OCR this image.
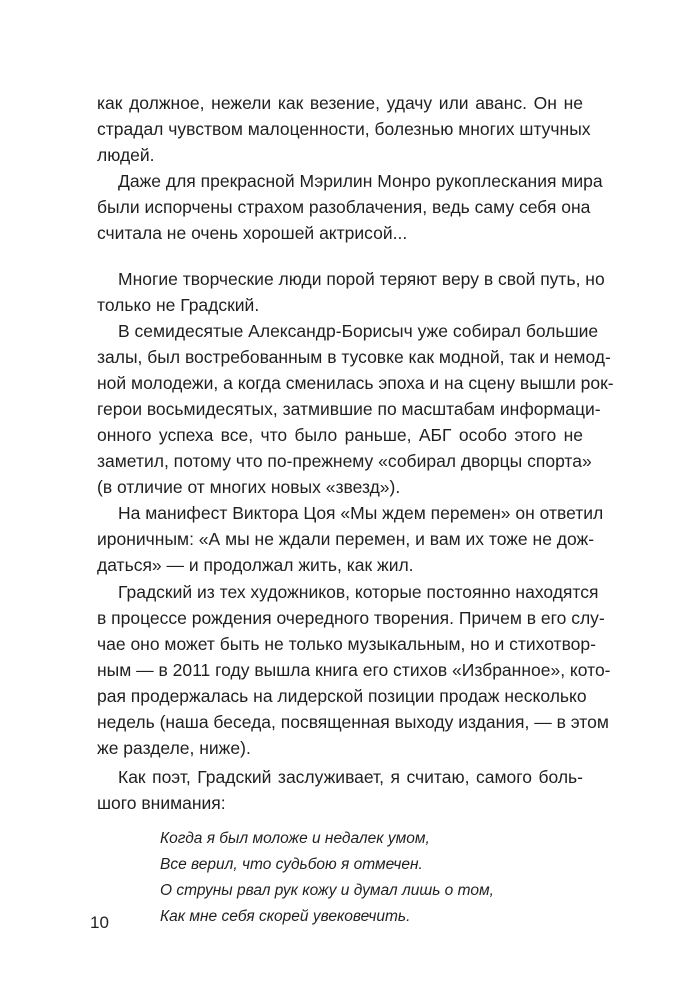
как должное, нежели как везение, удачу или аванс. Он не
страдал чувством малоценности, болезнью многих штучных
людей.
Даже для прекрасной Мэрилин Монро рукоплескания мира
были испорчены страхом разоблачения, ведь саму себя она
считала не очень хорошей актрисой...
Многие творческие люди порой теряют веру в свой путь, но
только не Градский.
В семидесятые Александр-Борисыч уже собирал большие
залы, был востребованным в тусовке как модной, так и немод-
ной молодежи, а когда сменилась эпоха и на сцену вышли рок-
герои восьмидесятых, затмившие по масштабам информаци-
онного успеха все, что было раньше, АБГ особо этого не
заметил, потому что по-прежнему «собирал дворцы спорта»
(в отличие от многих новых «звезд»).
На манифест Виктора Цоя «Мы ждем перемен» он ответил
ироничным: «А мы не ждали перемен, и вам их тоже не дож-
даться» — и продолжал жить, как жил.
Градский из тех художников, которые постоянно находятся
в процессе рождения очередного творения. Причем в его слу-
чае оно может быть не только музыкальным, но и стихотвор-
ным — в 2011 году вышла книга его стихов «Избранное», кото-
рая продержалась на лидерской позиции продаж несколько
недель (наша беседа, посвященная выходу издания, — в этом
же разделе, ниже).
Когда я был моложе и недалек умом,
Все верил, что судьбою я отмечен.
О струны рвал рук кожу и думал лишь о том,
Как мне себя скорей увековечить.
10
Как поэт, Градский заслуживает, я считаю, самого боль-
шого внимания:
